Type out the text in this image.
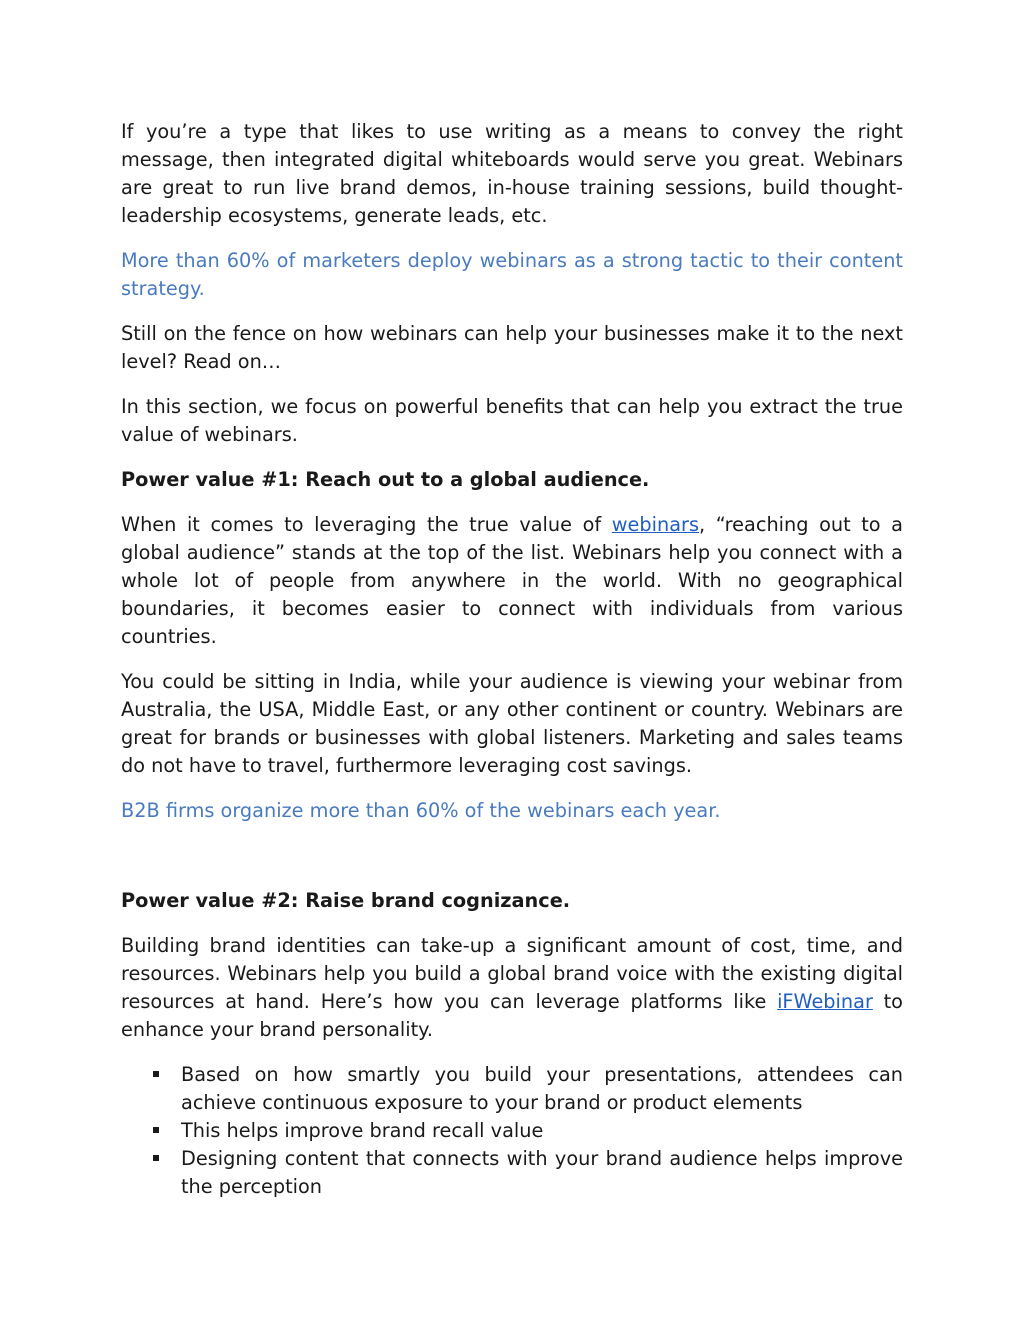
If you’re a type that likes to use writing as a means to convey the right message, then integrated digital whiteboards would serve you great. Webinars are great to run live brand demos, in-house training sessions, build thought-leadership ecosystems, generate leads, etc.

More than 60% of marketers deploy webinars as a strong tactic to their content strategy.

Still on the fence on how webinars can help your businesses make it to the next level? Read on…

In this section, we focus on powerful benefits that can help you extract the true value of webinars.

Power value #1: Reach out to a global audience.

When it comes to leveraging the true value of webinars, “reaching out to a global audience” stands at the top of the list. Webinars help you connect with a whole lot of people from anywhere in the world. With no geographical boundaries, it becomes easier to connect with individuals from various countries.

You could be sitting in India, while your audience is viewing your webinar from Australia, the USA, Middle East, or any other continent or country. Webinars are great for brands or businesses with global listeners. Marketing and sales teams do not have to travel, furthermore leveraging cost savings.

B2B firms organize more than 60% of the webinars each year.

Power value #2: Raise brand cognizance.

Building brand identities can take-up a significant amount of cost, time, and resources. Webinars help you build a global brand voice with the existing digital resources at hand. Here’s how you can leverage platforms like iFWebinar to enhance your brand personality.

Based on how smartly you build your presentations, attendees can achieve continuous exposure to your brand or product elements
This helps improve brand recall value
Designing content that connects with your brand audience helps improve the perception
